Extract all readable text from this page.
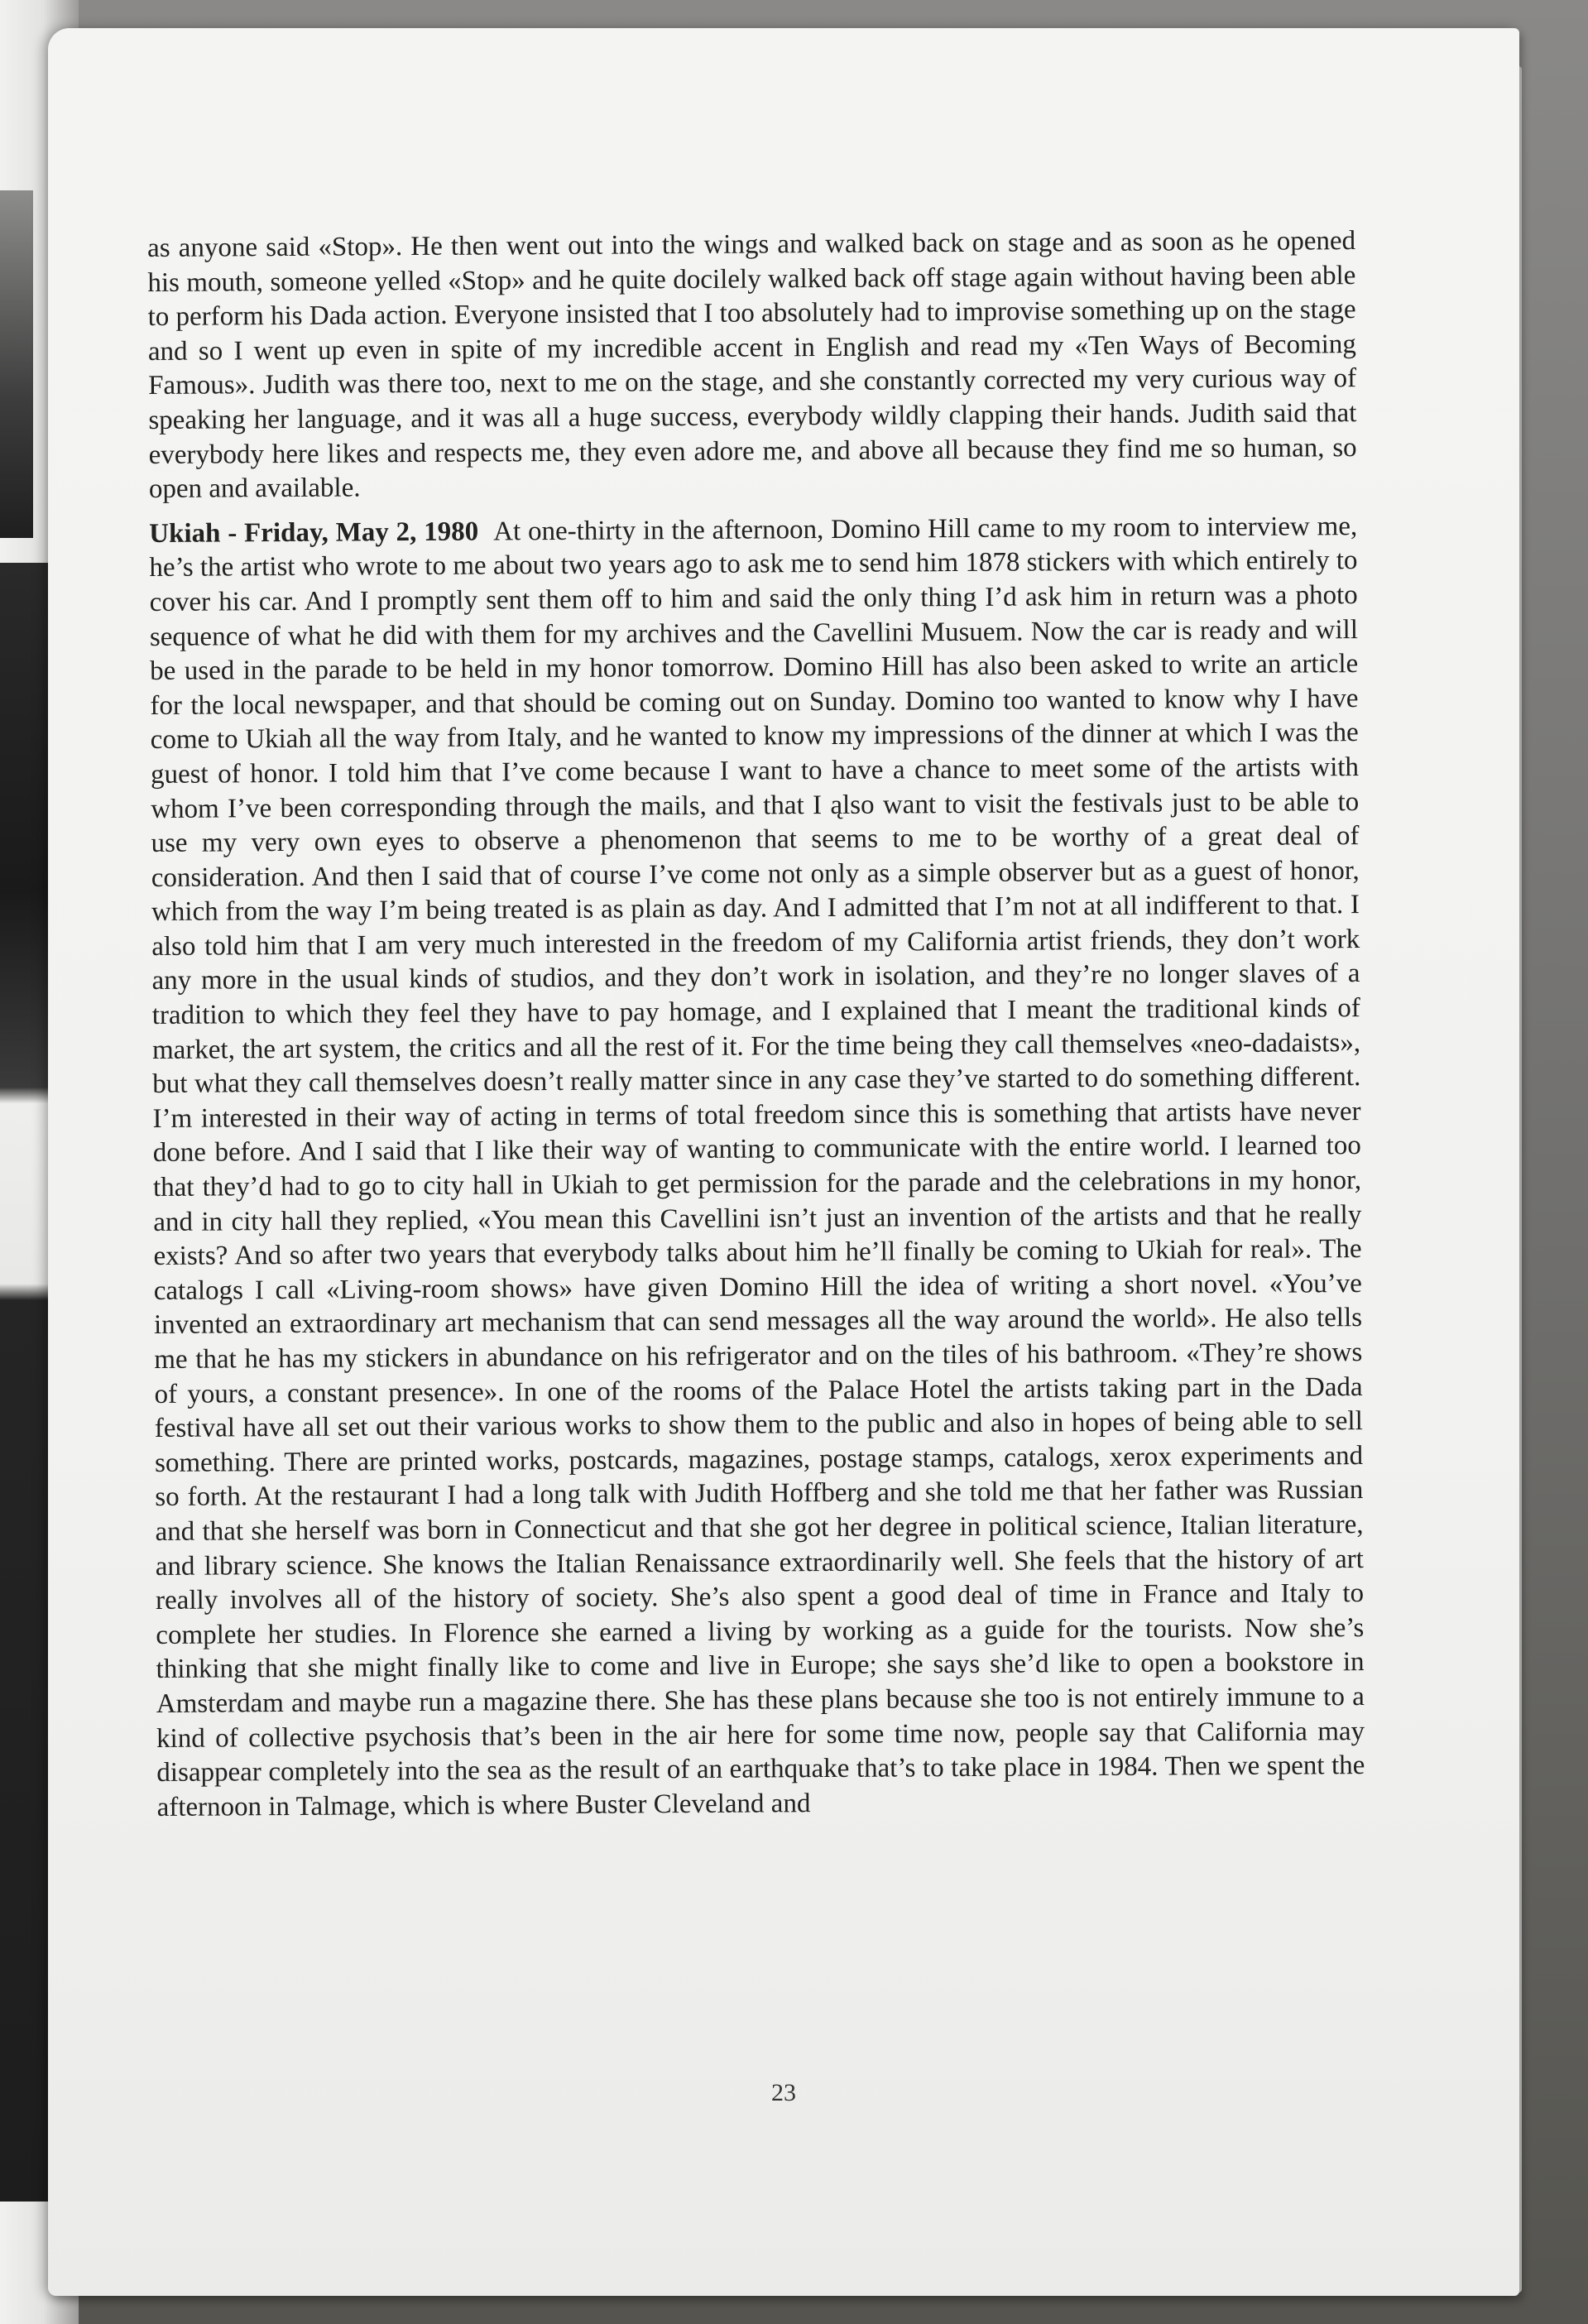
as anyone said «Stop». He then went out into the wings and walked back on stage and as soon as he opened his mouth, someone yelled «Stop» and he quite docilely walked back off stage again without having been able to perform his Dada action. Everyone insisted that I too absolutely had to improvise something up on the stage and so I went up even in spite of my incredible accent in English and read my «Ten Ways of Becoming Famous». Judith was there too, next to me on the stage, and she constantly corrected my very curious way of speaking her language, and it was all a huge success, everybody wildly clapping their hands. Judith said that everybody here likes and respects me, they even adore me, and above all because they find me so human, so open and available.

Ukiah - Friday, May 2, 1980 At one-thirty in the afternoon, Domino Hill came to my room to interview me, he’s the artist who wrote to me about two years ago to ask me to send him 1878 stickers with which entirely to cover his car. And I promptly sent them off to him and said the only thing I’d ask him in return was a photo sequence of what he did with them for my archives and the Cavellini Musuem. Now the car is ready and will be used in the parade to be held in my honor tomorrow. Domino Hill has also been asked to write an article for the local newspaper, and that should be coming out on Sunday. Domino too wanted to know why I have come to Ukiah all the way from Italy, and he wanted to know my impressions of the dinner at which I was the guest of honor. I told him that I’ve come because I want to have a chance to meet some of the artists with whom I’ve been corresponding through the mails, and that I ąlso want to visit the festivals just to be able to use my very own eyes to observe a phenomenon that seems to me to be worthy of a great deal of consideration. And then I said that of course I’ve come not only as a simple observer but as a guest of honor, which from the way I’m being treated is as plain as day. And I admitted that I’m not at all indifferent to that. I also told him that I am very much interested in the freedom of my California artist friends, they don’t work any more in the usual kinds of studios, and they don’t work in isolation, and they’re no longer slaves of a tradition to which they feel they have to pay homage, and I explained that I meant the traditional kinds of market, the art system, the critics and all the rest of it. For the time being they call themselves «neo-dadaists», but what they call themselves doesn’t really matter since in any case they’ve started to do something different. I’m interested in their way of acting in terms of total freedom since this is something that artists have never done before. And I said that I like their way of wanting to communicate with the entire world. I learned too that they’d had to go to city hall in Ukiah to get permission for the parade and the celebrations in my honor, and in city hall they replied, «You mean this Cavellini isn’t just an invention of the artists and that he really exists? And so after two years that everybody talks about him he’ll finally be coming to Ukiah for real». The catalogs I call «Living-room shows» have given Domino Hill the idea of writing a short novel. «You’ve invented an extraordinary art mechanism that can send messages all the way around the world». He also tells me that he has my stickers in abundance on his refrigerator and on the tiles of his bathroom. «They’re shows of yours, a constant presence». In one of the rooms of the Palace Hotel the artists taking part in the Dada festival have all set out their various works to show them to the public and also in hopes of being able to sell something. There are printed works, postcards, magazines, postage stamps, catalogs, xerox experiments and so forth. At the restaurant I had a long talk with Judith Hoffberg and she told me that her father was Russian and that she herself was born in Connecticut and that she got her degree in political science, Italian literature, and library science. She knows the Italian Renaissance extraordinarily well. She feels that the history of art really involves all of the history of society. She’s also spent a good deal of time in France and Italy to complete her studies. In Florence she earned a living by working as a guide for the tourists. Now she’s thinking that she might finally like to come and live in Europe; she says she’d like to open a bookstore in Amsterdam and maybe run a magazine there. She has these plans because she too is not entirely immune to a kind of collective psychosis that’s been in the air here for some time now, people say that California may disappear completely into the sea as the result of an earthquake that’s to take place in 1984. Then we spent the afternoon in Talmage, which is where Buster Cleveland and

23
